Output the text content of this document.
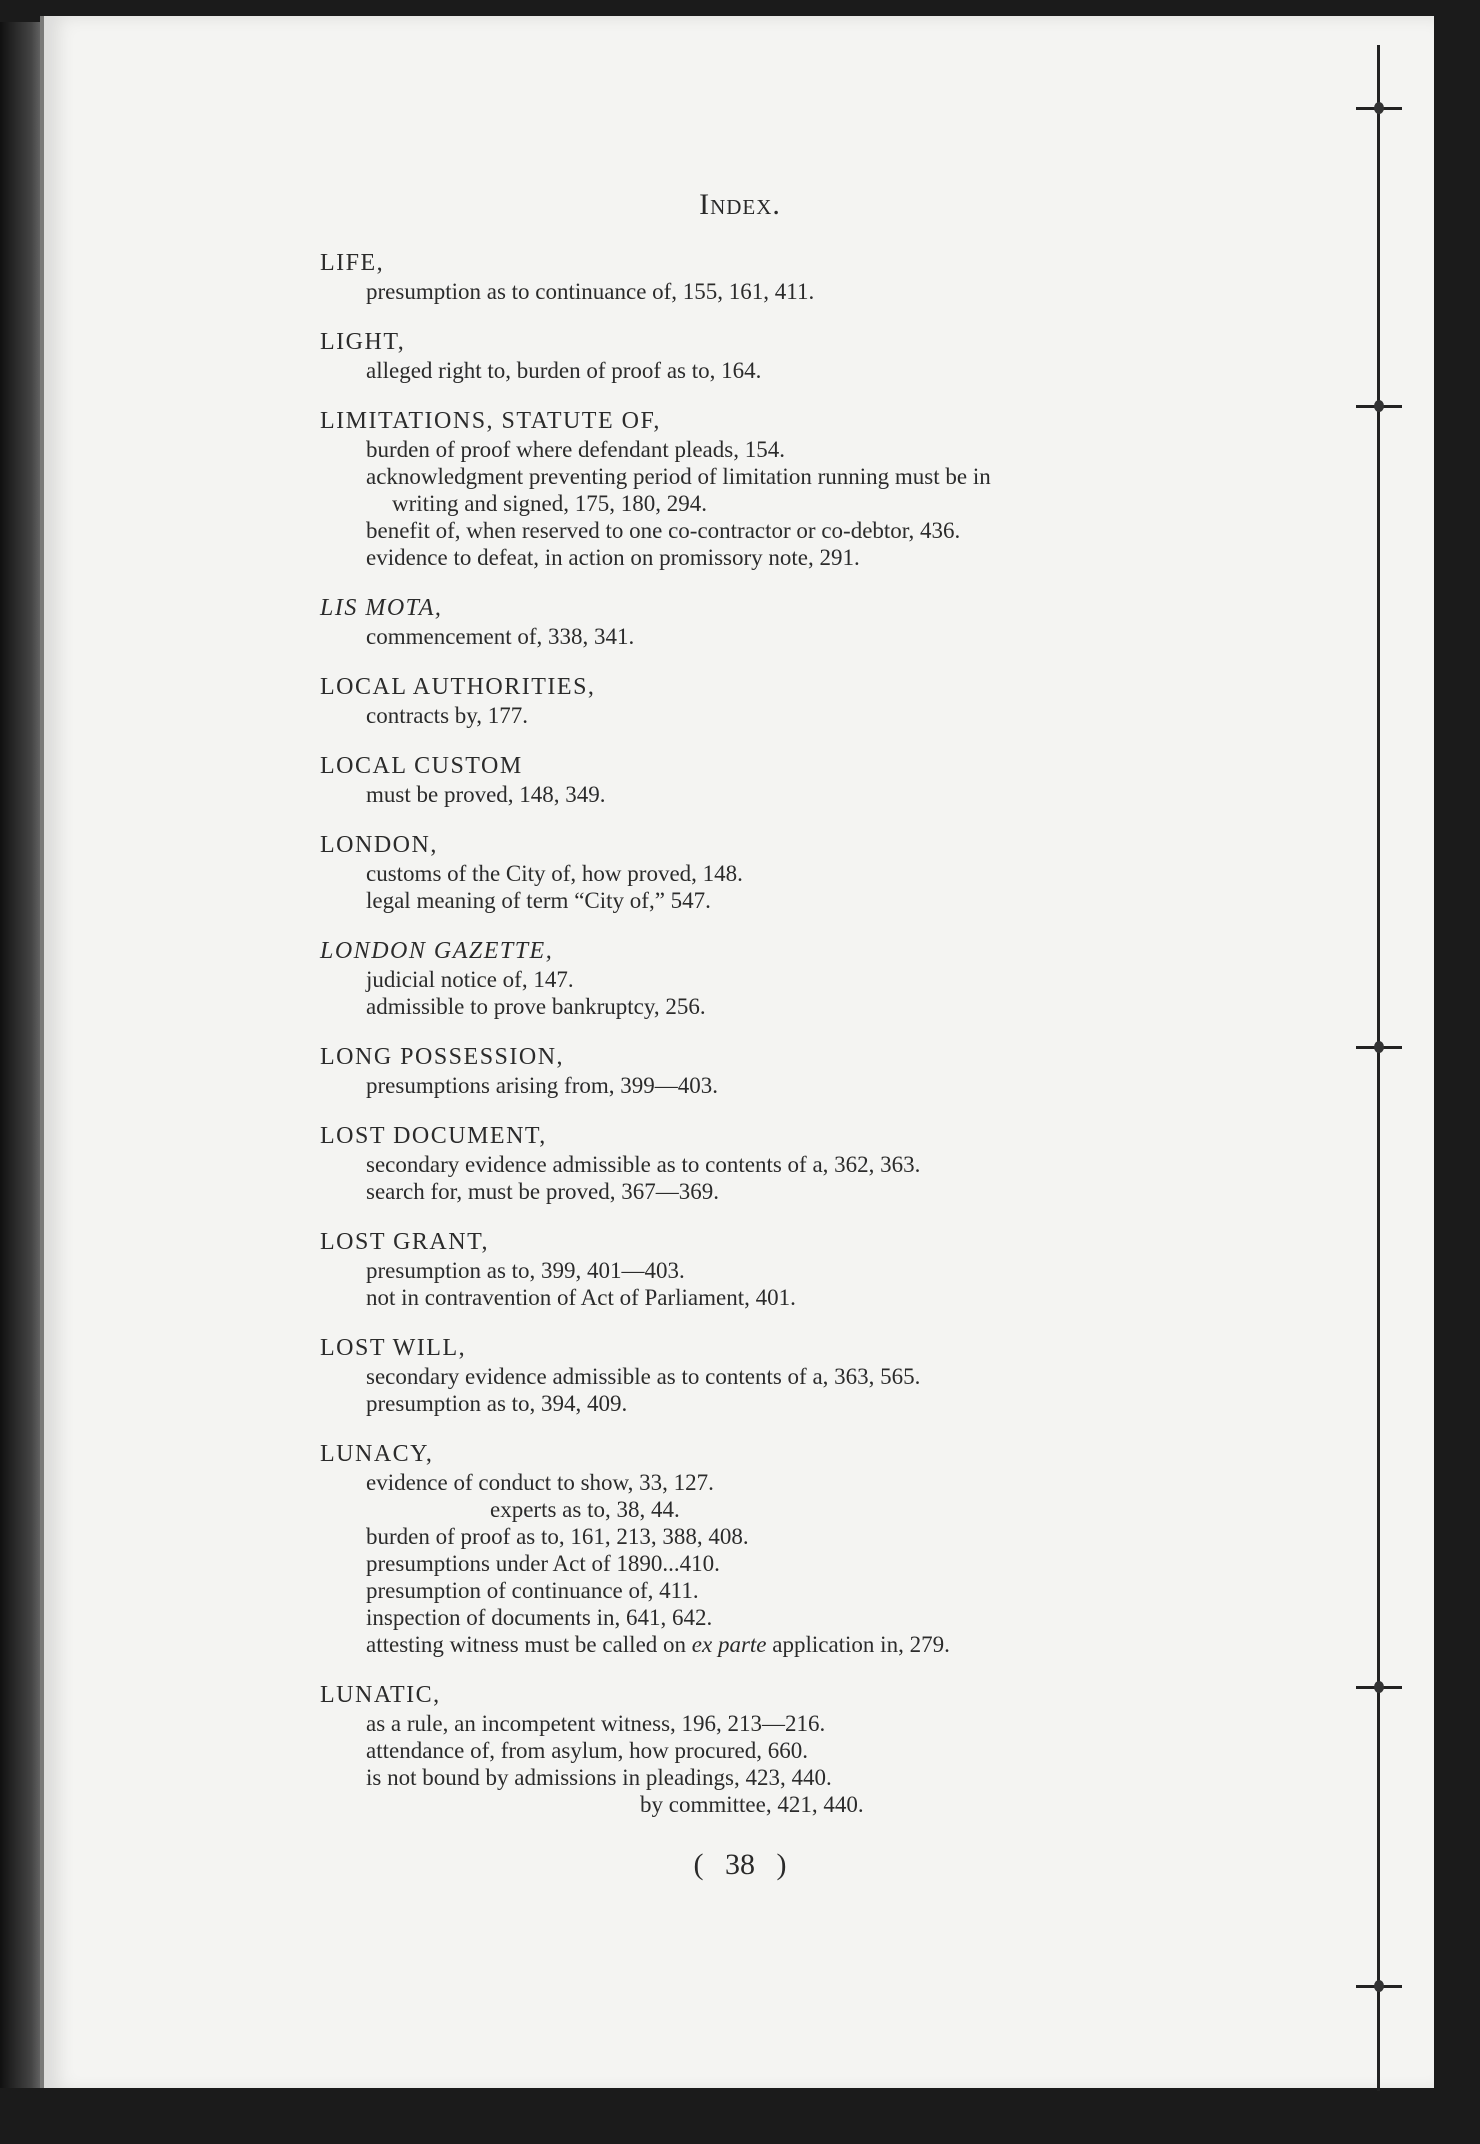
Index.
LIFE,
presumption as to continuance of, 155, 161, 411.
LIGHT,
alleged right to, burden of proof as to, 164.
LIMITATIONS, STATUTE OF,
burden of proof where defendant pleads, 154.
acknowledgment preventing period of limitation running must be in
writing and signed, 175, 180, 294.
benefit of, when reserved to one co-contractor or co-debtor, 436.
evidence to defeat, in action on promissory note, 291.
LIS MOTA,
commencement of, 338, 341.
LOCAL AUTHORITIES,
contracts by, 177.
LOCAL CUSTOM
must be proved, 148, 349.
LONDON,
customs of the City of, how proved, 148.
legal meaning of term “City of,” 547.
LONDON GAZETTE,
judicial notice of, 147.
admissible to prove bankruptcy, 256.
LONG POSSESSION,
presumptions arising from, 399—403.
LOST DOCUMENT,
secondary evidence admissible as to contents of a, 362, 363.
search for, must be proved, 367—369.
LOST GRANT,
presumption as to, 399, 401—403.
not in contravention of Act of Parliament, 401.
LOST WILL,
secondary evidence admissible as to contents of a, 363, 565.
presumption as to, 394, 409.
LUNACY,
evidence of conduct to show, 33, 127.
experts as to, 38, 44.
burden of proof as to, 161, 213, 388, 408.
presumptions under Act of 1890...410.
presumption of continuance of, 411.
inspection of documents in, 641, 642.
attesting witness must be called on ex parte application in, 279.
LUNATIC,
as a rule, an incompetent witness, 196, 213—216.
attendance of, from asylum, how procured, 660.
is not bound by admissions in pleadings, 423, 440.
by committee, 421, 440.
( 38 )
